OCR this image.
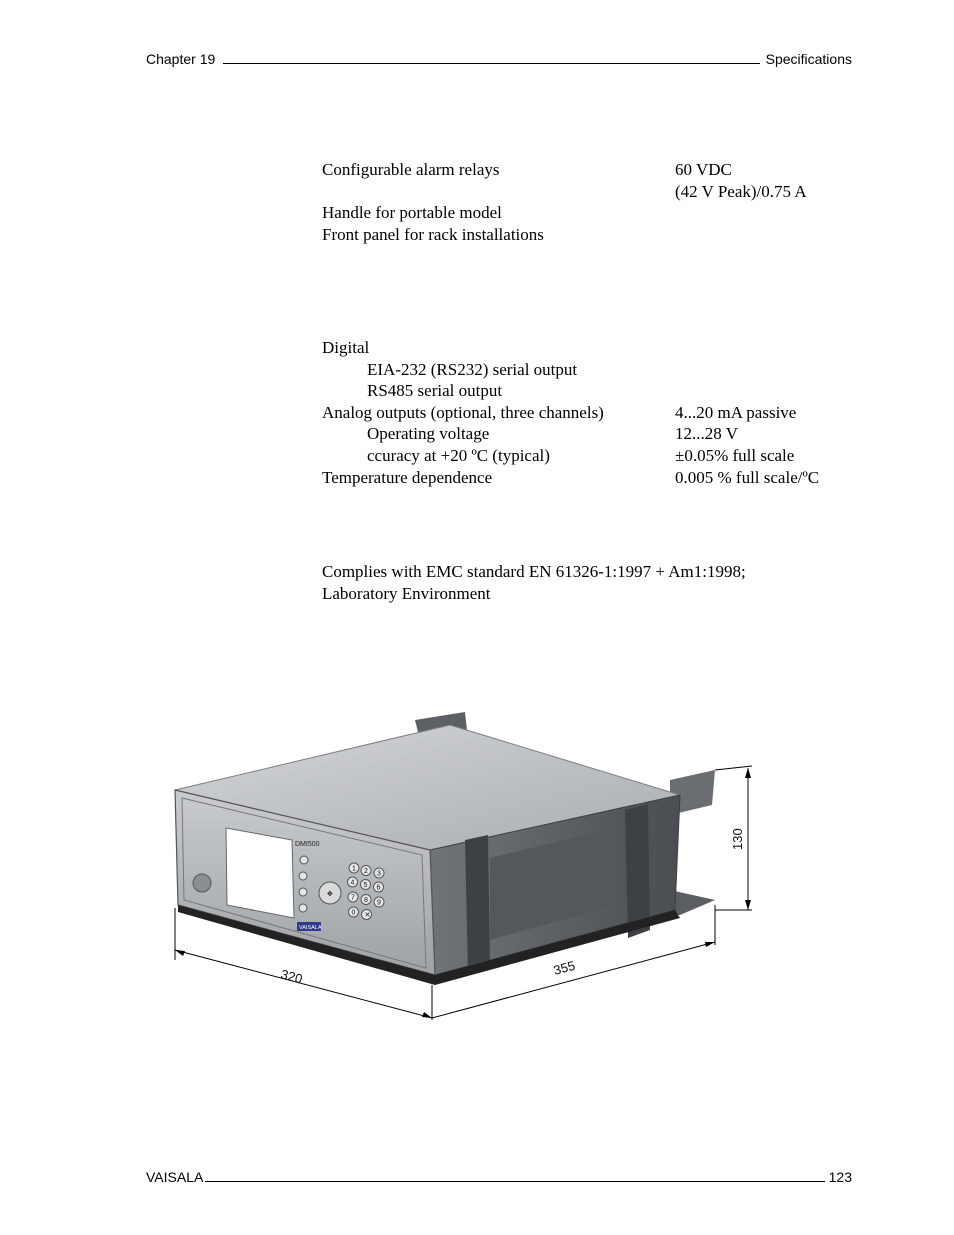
Chapter 19	Specifications
Configurable alarm relays	60 VDC
(42 V Peak)/0.75 A
Handle for portable model
Front panel for rack installations
Digital
EIA-232 (RS232) serial output
RS485 serial output
Analog outputs (optional, three channels)	4...20 mA passive
Operating voltage	12...28 V
ccuracy at +20 ºC (typical)	±0.05% full scale
Temperature dependence	0.005 % full scale/ºC
Complies with EMC standard EN 61326-1:1997 + Am1:1998;
Laboratory Environment
DMI500
✥
1 2 3
4 5 6
7 8 9
0 ✕
VAISALA
320	355
130
VAISALA	123
